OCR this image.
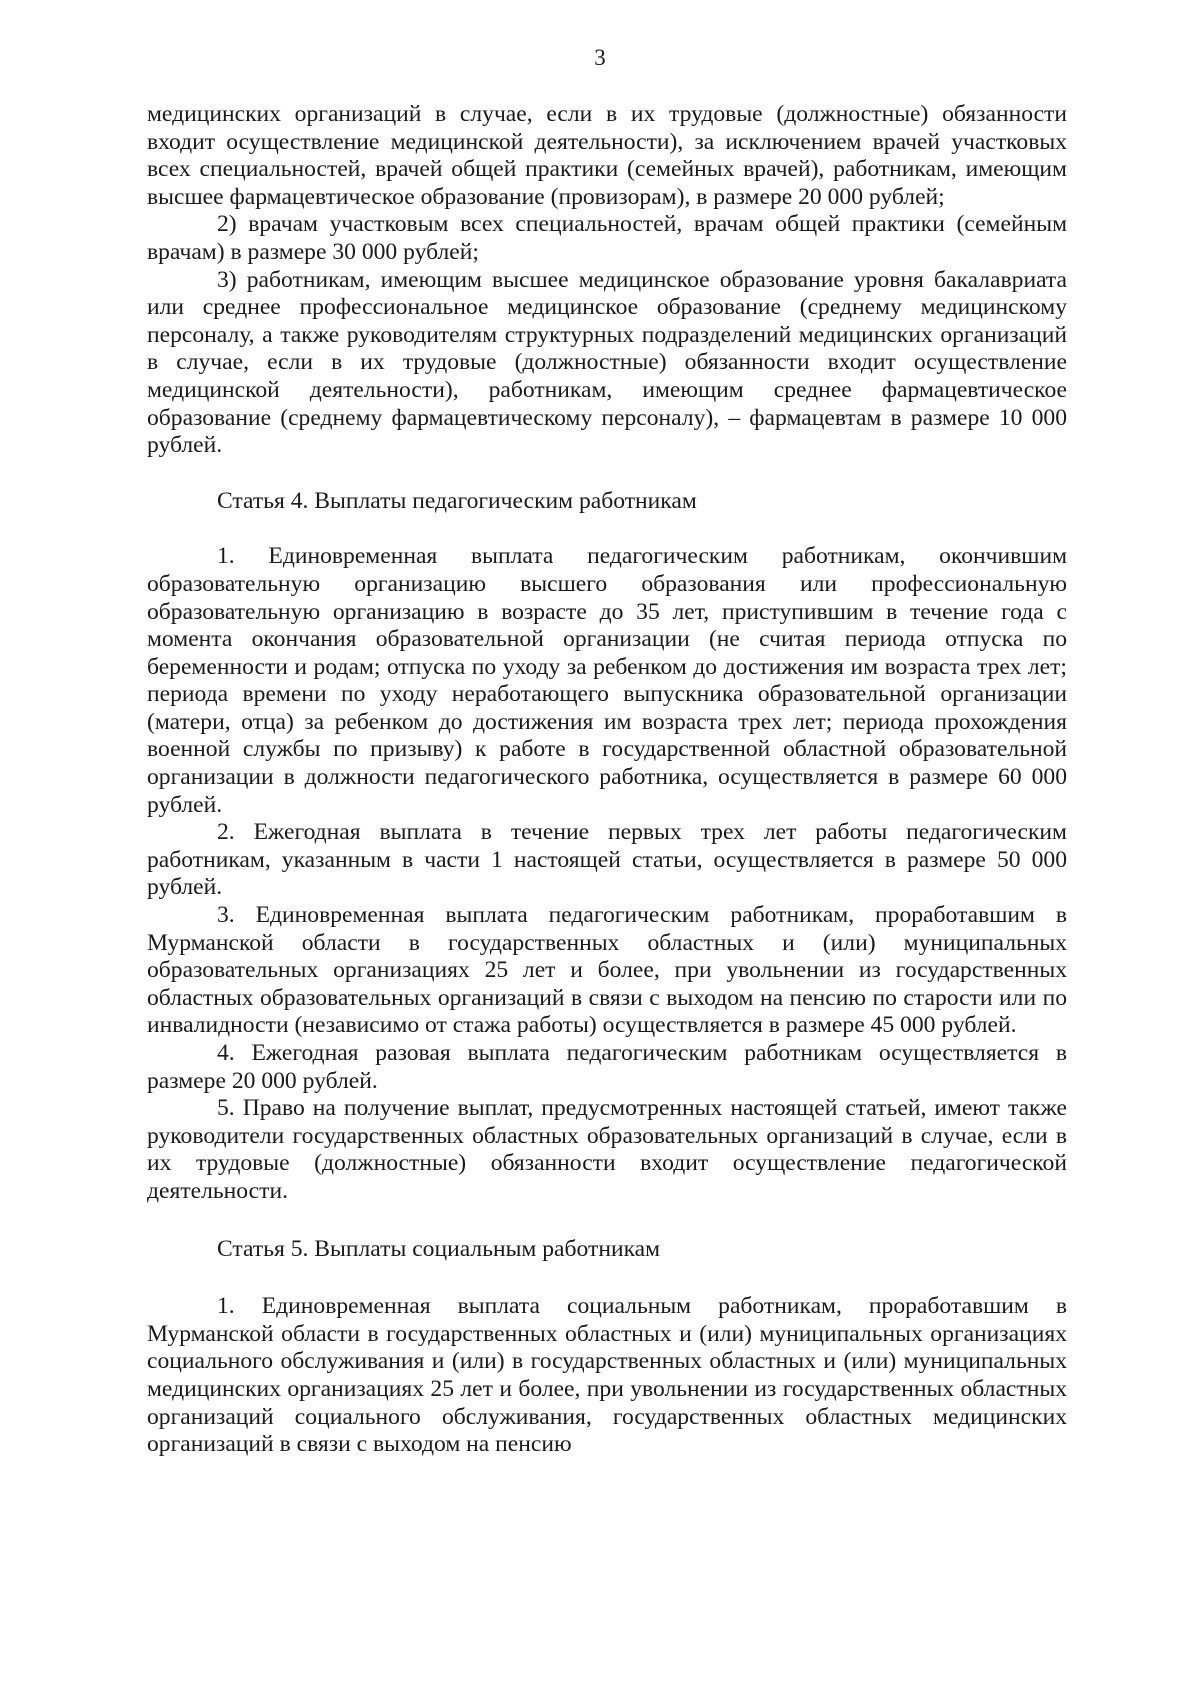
3

медицинских организаций в случае, если в их трудовые (должностные) обязанности входит осуществление медицинской деятельности), за исключением врачей участковых всех специальностей, врачей общей практики (семейных врачей), работникам, имеющим высшее фармацевтическое образование (провизорам), в размере 20 000 рублей;

2) врачам участковым всех специальностей, врачам общей практики (семейным врачам) в размере 30 000 рублей;

3) работникам, имеющим высшее медицинское образование уровня бакалавриата или среднее профессиональное медицинское образование (среднему медицинскому персоналу, а также руководителям структурных подразделений медицинских организаций в случае, если в их трудовые (должностные) обязанности входит осуществление медицинской деятельности), работникам, имеющим среднее фармацевтическое образование (среднему фармацевтическому персоналу), – фармацевтам в размере 10 000 рублей.

Статья 4. Выплаты педагогическим работникам

1. Единовременная выплата педагогическим работникам, окончившим образовательную организацию высшего образования или профессиональную образовательную организацию в возрасте до 35 лет, приступившим в течение года с момента окончания образовательной организации (не считая периода отпуска по беременности и родам; отпуска по уходу за ребенком до достижения им возраста трех лет; периода времени по уходу неработающего выпускника образовательной организации (матери, отца) за ребенком до достижения им возраста трех лет; периода прохождения военной службы по призыву) к работе в государственной областной образовательной организации в должности педагогического работника, осуществляется в размере 60 000 рублей.

2. Ежегодная выплата в течение первых трех лет работы педагогическим работникам, указанным в части 1 настоящей статьи, осуществляется в размере 50 000 рублей.

3. Единовременная выплата педагогическим работникам, проработавшим в Мурманской области в государственных областных и (или) муниципальных образовательных организациях 25 лет и более, при увольнении из государственных областных образовательных организаций в связи с выходом на пенсию по старости или по инвалидности (независимо от стажа работы) осуществляется в размере 45 000 рублей.

4. Ежегодная разовая выплата педагогическим работникам осуществляется в размере 20 000 рублей.

5. Право на получение выплат, предусмотренных настоящей статьей, имеют также руководители государственных областных образовательных организаций в случае, если в их трудовые (должностные) обязанности входит осуществление педагогической деятельности.

Статья 5. Выплаты социальным работникам

1. Единовременная выплата социальным работникам, проработавшим в Мурманской области в государственных областных и (или) муниципальных организациях социального обслуживания и (или) в государственных областных и (или) муниципальных медицинских организациях 25 лет и более, при увольнении из государственных областных организаций социального обслуживания, государственных областных медицинских организаций в связи с выходом на пенсию
